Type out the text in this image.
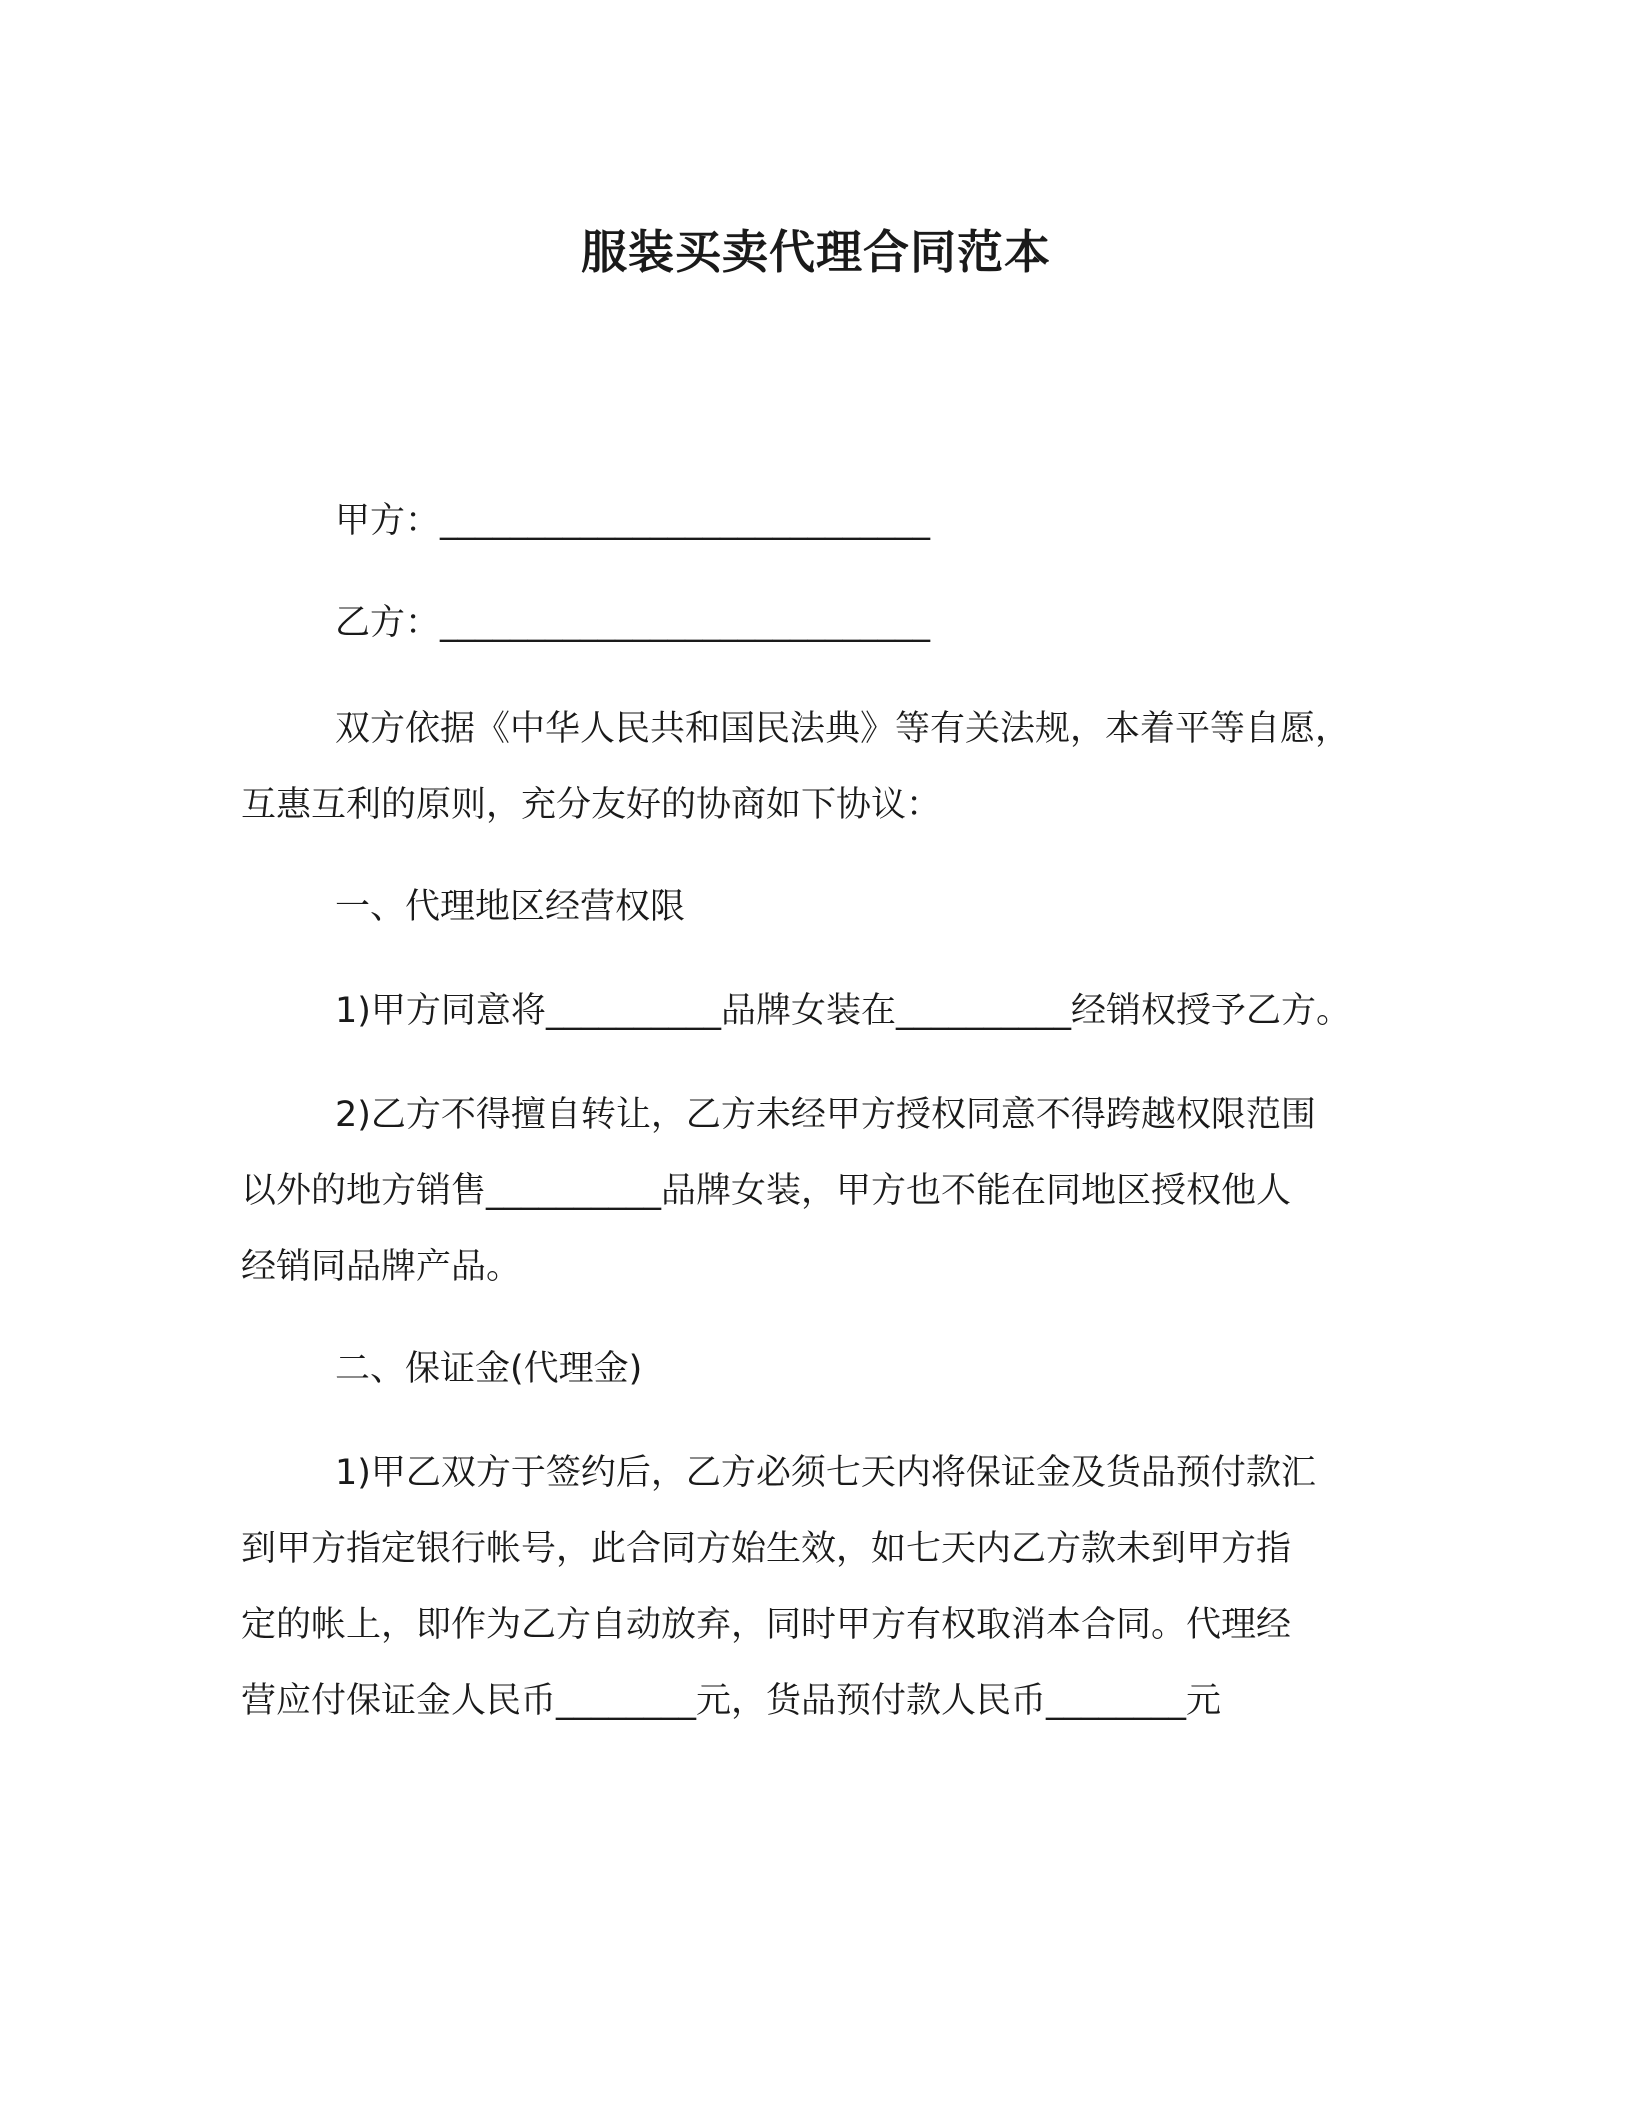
服装买卖代理合同范本
甲方：____________________________
乙方：____________________________
双方依据《中华人民共和国民法典》等有关法规，本着平等自愿，
互惠互利的原则，充分友好的协商如下协议：
一、代理地区经营权限
1)甲方同意将__________品牌女装在__________经销权授予乙方。
2)乙方不得擅自转让，乙方未经甲方授权同意不得跨越权限范围
以外的地方销售__________品牌女装，甲方也不能在同地区授权他人
经销同品牌产品。
二、保证金(代理金)
1)甲乙双方于签约后，乙方必须七天内将保证金及货品预付款汇
到甲方指定银行帐号，此合同方始生效，如七天内乙方款未到甲方指
定的帐上，即作为乙方自动放弃，同时甲方有权取消本合同。代理经
营应付保证金人民币________元，货品预付款人民币________元
